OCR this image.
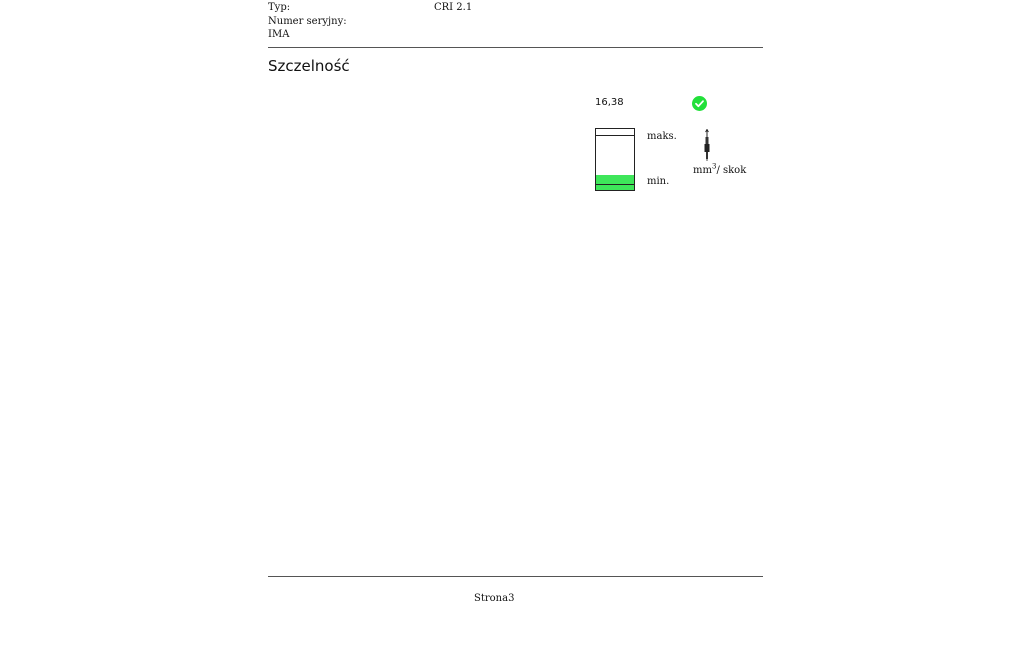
Typ:	CRI 2.1
Numer seryjny:
IMA
Szczelność
16,38
maks.
min.
$mm^3/$ skok
Strona3
